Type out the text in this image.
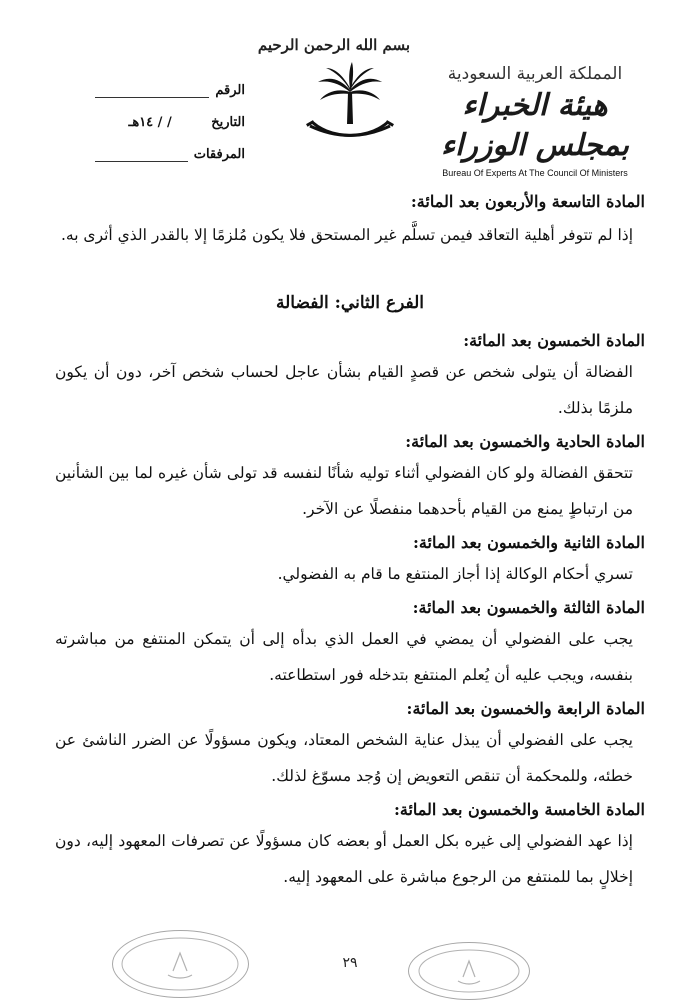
الرقم
التاريخ
/ / ١٤هـ
المرفقات
بسم الله الرحمن الرحيم
المملكة العربية السعودية
هيئة الخبراء بمجلس الوزراء
Bureau Of Experts At The Council Of Ministers

المادة التاسعة والأربعون بعد المائة:

إذا لم تتوفر أهلية التعاقد فيمن تسلَّم غير المستحق فلا يكون مُلزمًا إلا بالقدر الذي أثرى به.

الفرع الثاني: الفضالة

المادة الخمسون بعد المائة:

الفضالة أن يتولى شخص عن قصدٍ القيام بشأن عاجل لحساب شخص آخر، دون أن يكون ملزمًا بذلك.

المادة الحادية والخمسون بعد المائة:

تتحقق الفضالة ولو كان الفضولي أثناء توليه شأنًا لنفسه قد تولى شأن غيره لما بين الشأنين من ارتباطٍ يمنع من القيام بأحدهما منفصلًا عن الآخر.

المادة الثانية والخمسون بعد المائة:

تسري أحكام الوكالة إذا أجاز المنتفع ما قام به الفضولي.

المادة الثالثة والخمسون بعد المائة:

يجب على الفضولي أن يمضي في العمل الذي بدأه إلى أن يتمكن المنتفع من مباشرته بنفسه، ويجب عليه أن يُعلم المنتفع بتدخله فور استطاعته.

المادة الرابعة والخمسون بعد المائة:

يجب على الفضولي أن يبذل عناية الشخص المعتاد، ويكون مسؤولًا عن الضرر الناشئ عن خطئه، وللمحكمة أن تنقص التعويض إن وُجد مسوّغ لذلك.

المادة الخامسة والخمسون بعد المائة:

إذا عهد الفضولي إلى غيره بكل العمل أو بعضه كان مسؤولًا عن تصرفات المعهود إليه، دون إخلالٍ بما للمنتفع من الرجوع مباشرة على المعهود إليه.

٢٩
